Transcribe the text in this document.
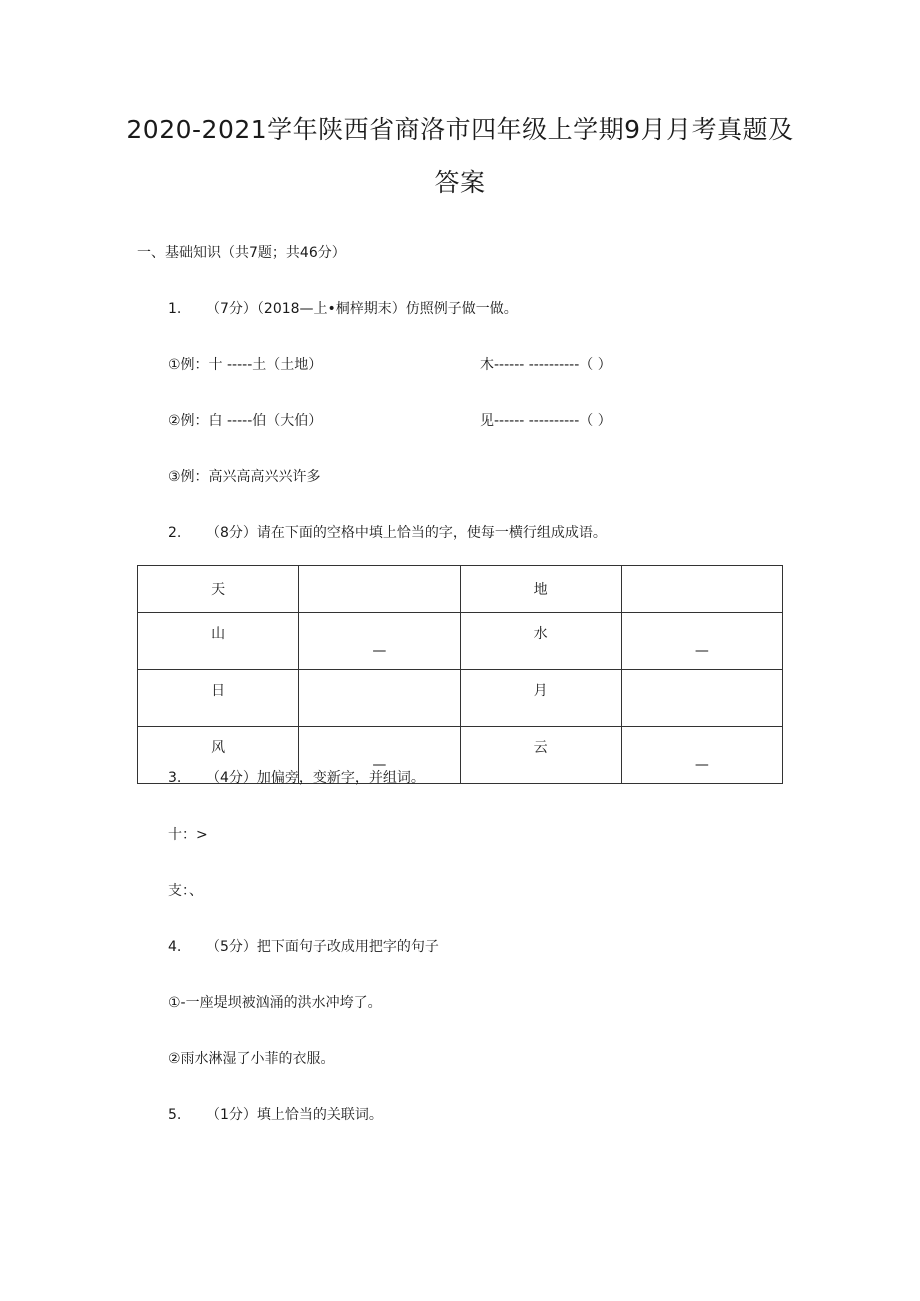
2020-2021学年陕西省商洛市四年级上学期9月月考真题及
答案
一、基础知识（共7题；共46分）
1. （7分）（2018—上•桐梓期末）仿照例子做一做。
①例：十 -----土（土地）	木------ ----------（ ）
②例：白 -----伯（大伯）	见------ ----------（ ）
③例：高兴高高兴兴许多
2. （8分）请在下面的空格中填上恰当的字，使每一横行组成成语。
天		地	
山	—	水	—
日		月	
风	—	云	—
3. （4分）加偏旁，变新字，并组词。
十：>
支：、
4. （5分）把下面句子改成用把字的句子
①-一座堤坝被汹涌的洪水冲垮了。
②雨水淋湿了小菲的衣服。
5. （1分）填上恰当的关联词。
